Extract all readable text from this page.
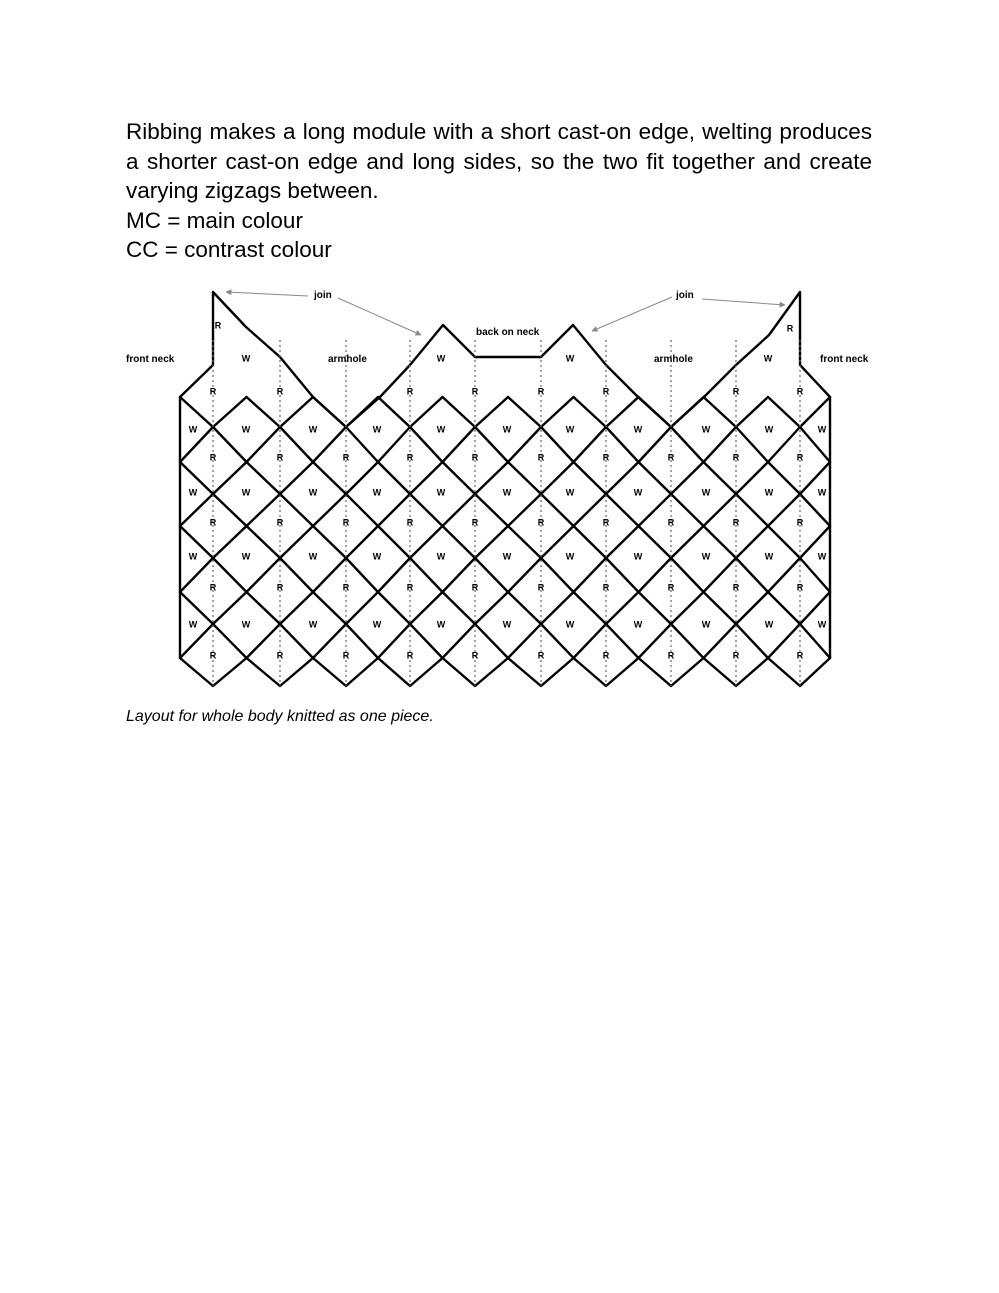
Ribbing makes a long module with a short cast-on edge, welting produces a shorter cast-on edge and long sides, so the two fit together and create varying zigzags between.

MC = main colour

CC = contrast colour

R
W	W	W	W
R
R	R	R	R	R	R	R	R
R	R	R	R	R	R	R	R	R	R
R	R	R	R	R	R	R	R	R	R
R	R	R	R	R	R	R	R	R	R
R	R	R	R	R	R	R	R	R	R
W	W	W	W	W	W	W	W	W	W	W
W	W	W	W	W	W	W	W	W	W	W
W	W	W	W	W	W	W	W	W	W	W
W	W	W	W	W	W	W	W	W	W	W
join	join
back on neck
front neck	front neck
armhole	armhole

Layout for whole body knitted as one piece.
